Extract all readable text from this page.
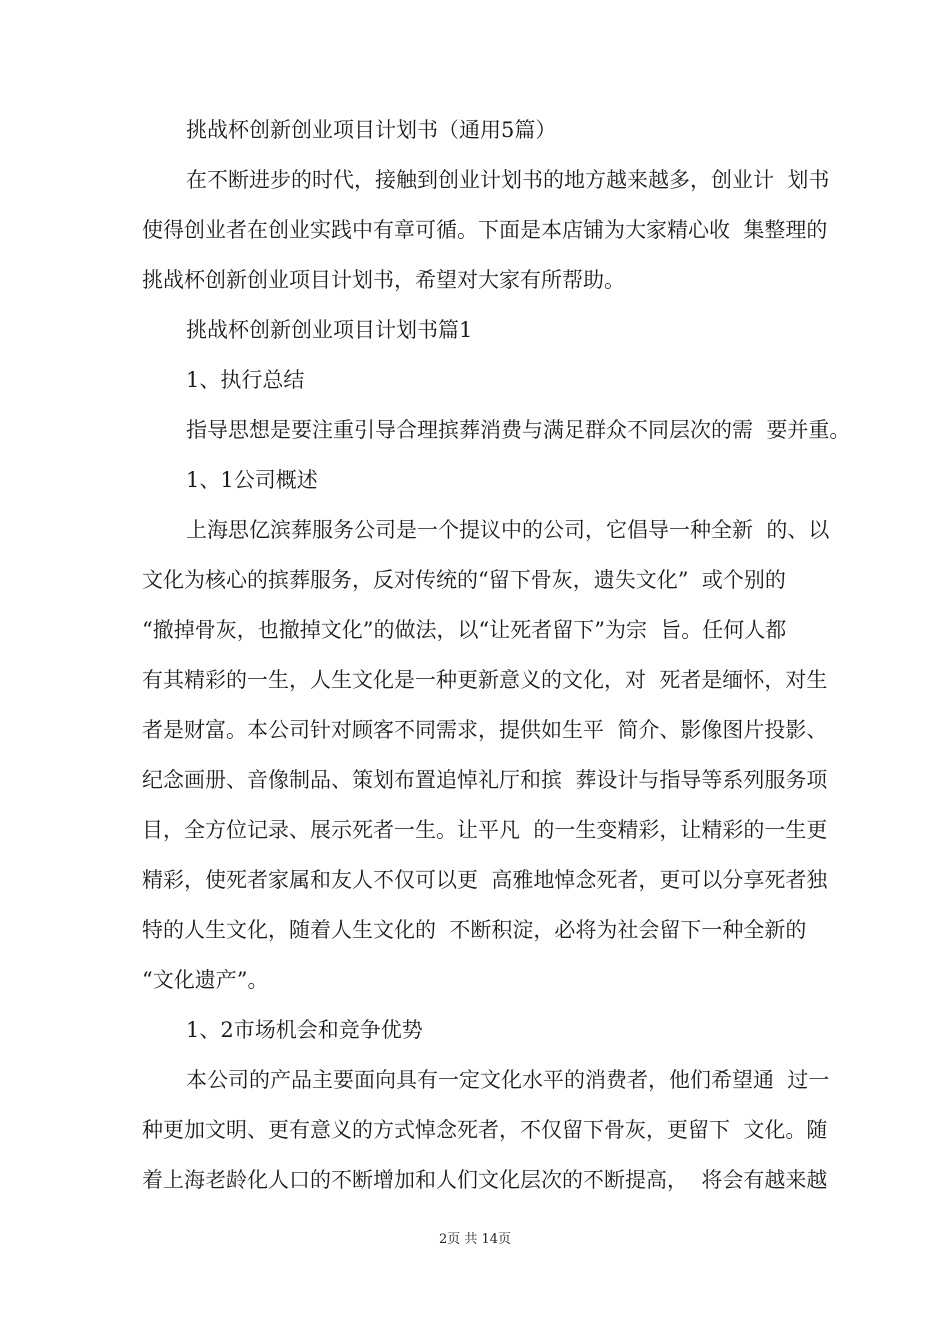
挑战杯创新创业项目计划书（通用5篇）
在不断进步的时代，接触到创业计划书的地方越来越多，创业计  划书
使得创业者在创业实践中有章可循。下面是本店铺为大家精心收  集整理的
挑战杯创新创业项目计划书，希望对大家有所帮助。
挑战杯创新创业项目计划书篇1
1、执行总结
指导思想是要注重引导合理摈葬消费与满足群众不同层次的需  要并重。
1、1公司概述
上海思亿滨葬服务公司是一个提议中的公司，它倡导一种全新  的、以
文化为核心的摈葬服务，反对传统的“留下骨灰，遗失文化”  或个别的
“撤掉骨灰，也撤掉文化”的做法，以“让死者留下”为宗  旨。任何人都
有其精彩的一生，人生文化是一种更新意义的文化，对  死者是缅怀，对生
者是财富。本公司针对顾客不同需求，提供如生平  简介、影像图片投影、
纪念画册、音像制品、策划布置追悼礼厅和摈  葬设计与指导等系列服务项
目，全方位记录、展示死者一生。让平凡  的一生变精彩，让精彩的一生更
精彩，使死者家属和友人不仅可以更  高雅地悼念死者，更可以分享死者独
特的人生文化，随着人生文化的  不断积淀，必将为社会留下一种全新的
“文化遗产”。
1、2市场机会和竞争优势
本公司的产品主要面向具有一定文化水平的消费者，他们希望通  过一
种更加文明、更有意义的方式悼念死者，不仅留下骨灰，更留下  文化。随
着上海老龄化人口的不断增加和人们文化层次的不断提高，  将会有越来越
2页 共 14页
